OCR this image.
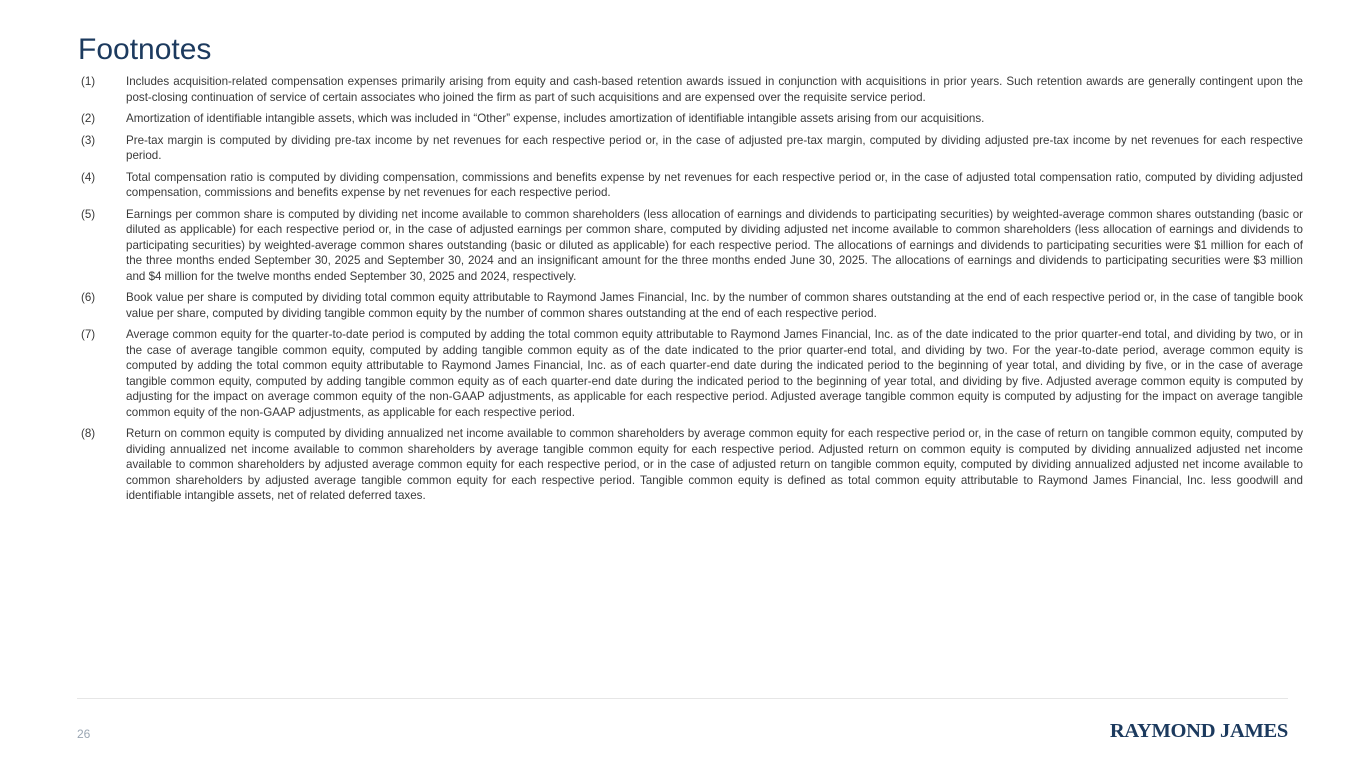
Footnotes
(1)	Includes acquisition-related compensation expenses primarily arising from equity and cash-based retention awards issued in conjunction with acquisitions in prior years. Such retention awards are generally contingent upon the post-closing continuation of service of certain associates who joined the firm as part of such acquisitions and are expensed over the requisite service period.
(2)	Amortization of identifiable intangible assets, which was included in “Other” expense, includes amortization of identifiable intangible assets arising from our acquisitions.
(3)	Pre-tax margin is computed by dividing pre-tax income by net revenues for each respective period or, in the case of adjusted pre-tax margin, computed by dividing adjusted pre-tax income by net revenues for each respective period.
(4)	Total compensation ratio is computed by dividing compensation, commissions and benefits expense by net revenues for each respective period or, in the case of adjusted total compensation ratio, computed by dividing adjusted compensation, commissions and benefits expense by net revenues for each respective period.
(5)	Earnings per common share is computed by dividing net income available to common shareholders (less allocation of earnings and dividends to participating securities) by weighted-average common shares outstanding (basic or diluted as applicable) for each respective period or, in the case of adjusted earnings per common share, computed by dividing adjusted net income available to common shareholders (less allocation of earnings and dividends to participating securities) by weighted-average common shares outstanding (basic or diluted as applicable) for each respective period. The allocations of earnings and dividends to participating securities were $1 million for each of the three months ended September 30, 2025 and September 30, 2024 and an insignificant amount for the three months ended June 30, 2025. The allocations of earnings and dividends to participating securities were $3 million and $4 million for the twelve months ended September 30, 2025 and 2024, respectively.
(6)	Book value per share is computed by dividing total common equity attributable to Raymond James Financial, Inc. by the number of common shares outstanding at the end of each respective period or, in the case of tangible book value per share, computed by dividing tangible common equity by the number of common shares outstanding at the end of each respective period.
(7)	Average common equity for the quarter-to-date period is computed by adding the total common equity attributable to Raymond James Financial, Inc. as of the date indicated to the prior quarter-end total, and dividing by two, or in the case of average tangible common equity, computed by adding tangible common equity as of the date indicated to the prior quarter-end total, and dividing by two. For the year-to-date period, average common equity is computed by adding the total common equity attributable to Raymond James Financial, Inc. as of each quarter-end date during the indicated period to the beginning of year total, and dividing by five, or in the case of average tangible common equity, computed by adding tangible common equity as of each quarter-end date during the indicated period to the beginning of year total, and dividing by five. Adjusted average common equity is computed by adjusting for the impact on average common equity of the non-GAAP adjustments, as applicable for each respective period. Adjusted average tangible common equity is computed by adjusting for the impact on average tangible common equity of the non-GAAP adjustments, as applicable for each respective period.
(8)	Return on common equity is computed by dividing annualized net income available to common shareholders by average common equity for each respective period or, in the case of return on tangible common equity, computed by dividing annualized net income available to common shareholders by average tangible common equity for each respective period. Adjusted return on common equity is computed by dividing annualized adjusted net income available to common shareholders by adjusted average common equity for each respective period, or in the case of adjusted return on tangible common equity, computed by dividing annualized adjusted net income available to common shareholders by adjusted average tangible common equity for each respective period. Tangible common equity is defined as total common equity attributable to Raymond James Financial, Inc. less goodwill and identifiable intangible assets, net of related deferred taxes.
26	RAYMOND JAMES
